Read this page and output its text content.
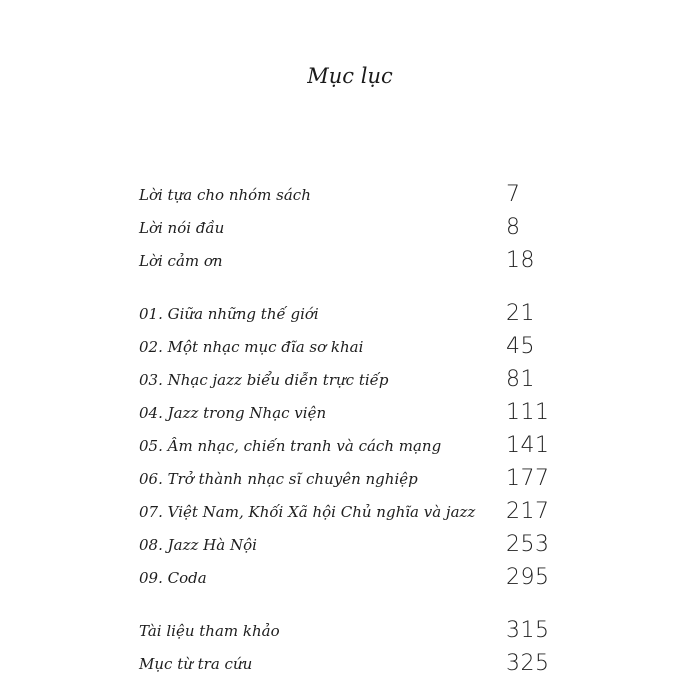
Mục lục
Lời tựa cho nhóm sách	7
Lời nói đầu	8
Lời cảm ơn	18
01. Giữa những thế giới	21
02. Một nhạc mục đĩa sơ khai	45
03. Nhạc jazz biểu diễn trực tiếp	81
04. Jazz trong Nhạc viện	111
05. Âm nhạc, chiến tranh và cách mạng	141
06. Trở thành nhạc sĩ chuyên nghiệp	177
07. Việt Nam, Khối Xã hội Chủ nghĩa và jazz 217
08. Jazz Hà Nội	253
09. Coda	295
Tài liệu tham khảo	315
Mục từ tra cứu	325
